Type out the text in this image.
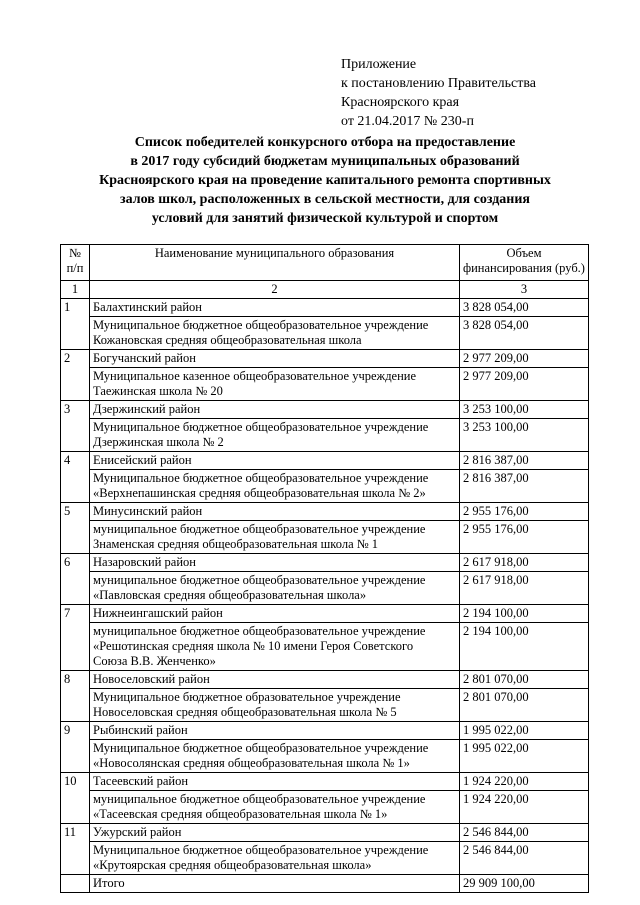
Приложение
к постановлению Правительства
Красноярского края
от 21.04.2017 № 230-п
Список победителей конкурсного отбора на предоставление
в 2017 году субсидий бюджетам муниципальных образований
Красноярского края на проведение капитального ремонта спортивных
залов школ, расположенных в сельской местности, для создания
условий для занятий физической культурой и спортом
№
п/п	Наименование муниципального образования	Объем
финансирования (руб.)

1	2	3
1	Балахтинский район	3 828 054,00

	Муниципальное бюджетное общеобразовательное учреждение
Кожановская средняя общеобразовательная школа	3 828 054,00
2	Богучанский район	2 977 209,00

	Муниципальное казенное общеобразовательное учреждение
Таежинская школа № 20	2 977 209,00
3	Дзержинский район	3 253 100,00

	Муниципальное бюджетное общеобразовательное учреждение
Дзержинская школа № 2	3 253 100,00
4	Енисейский район	2 816 387,00

	Муниципальное бюджетное общеобразовательное учреждение
«Верхнепашинская средняя общеобразовательная школа № 2»	2 816 387,00
5	Минусинский район	2 955 176,00

	муниципальное бюджетное общеобразовательное учреждение
Знаменская средняя общеобразовательная школа № 1	2 955 176,00
6	Назаровский район	2 617 918,00

	муниципальное бюджетное общеобразовательное учреждение
«Павловская средняя общеобразовательная школа»	2 617 918,00
7	Нижнеингашский район	2 194 100,00

	муниципальное бюджетное общеобразовательное учреждение
«Решотинская средняя школа № 10 имени Героя Советского
Союза В.В. Женченко»	2 194 100,00
8	Новоселовский район	2 801 070,00

	Муниципальное бюджетное образовательное учреждение
Новоселовская средняя общеобразовательная школа № 5	2 801 070,00
9	Рыбинский район	1 995 022,00

	Муниципальное бюджетное общеобразовательное учреждение
«Новосолянская средняя общеобразовательная школа № 1»	1 995 022,00
10	Тасеевский район	1 924 220,00

	муниципальное бюджетное общеобразовательное учреждение
«Тасеевская средняя общеобразовательная школа № 1»	1 924 220,00
11	Ужурский район	2 546 844,00

	Муниципальное бюджетное общеобразовательное учреждение
«Крутоярская средняя общеобразовательная школа»	2 546 844,00
	Итого	29 909 100,00
